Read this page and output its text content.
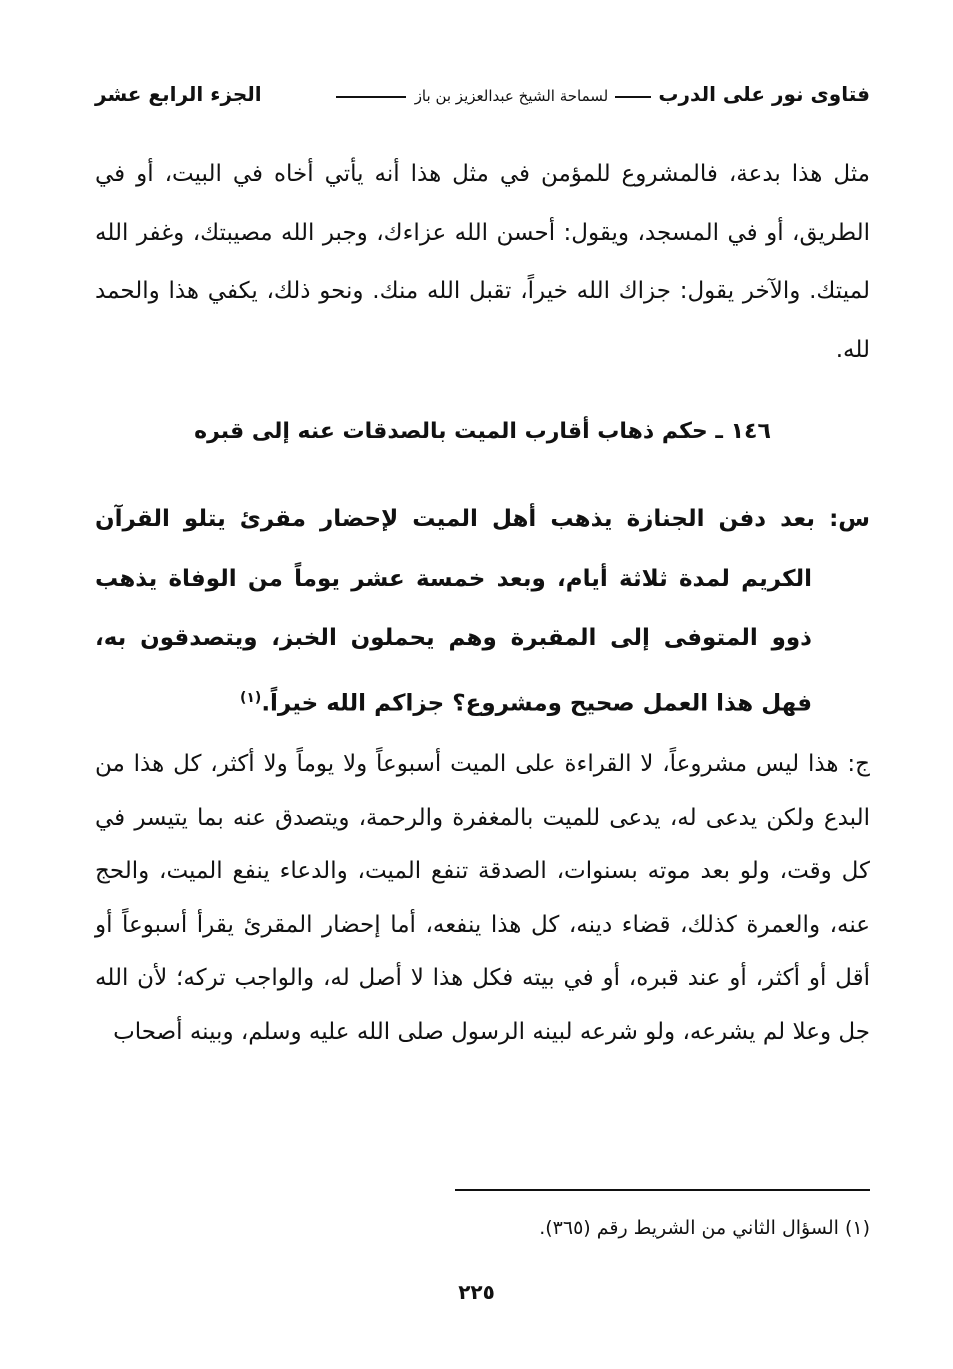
فتاوى نور على الدرب  لسماحة الشيخ عبدالعزيز بن باز
الجزء الرابع عشر
مثل هذا بدعة، فالمشروع للمؤمن في مثل هذا أنه يأتي أخاه في البيت، أو في الطريق، أو في المسجد، ويقول: أحسن الله عزاءك، وجبر الله مصيبتك، وغفر الله لميتك. والآخر يقول: جزاك الله خيراً، تقبل الله منك. ونحو ذلك، يكفي هذا والحمد لله.
١٤٦ ـ حكم ذهاب أقارب الميت بالصدقات عنه إلى قبره
س: بعد دفن الجنازة يذهب أهل الميت لإحضار مقرئ يتلو القرآن الكريم لمدة ثلاثة أيام، وبعد خمسة عشر يوماً من الوفاة يذهب ذوو المتوفى إلى المقبرة وهم يحملون الخبز، ويتصدقون به، فهل هذا العمل صحيح ومشروع؟ جزاكم الله خيراً.$^{(١)}$
ج: هذا ليس مشروعاً، لا القراءة على الميت أسبوعاً ولا يوماً ولا أكثر، كل هذا من البدع ولكن يدعى له، يدعى للميت بالمغفرة والرحمة، ويتصدق عنه بما يتيسر في كل وقت، ولو بعد موته بسنوات، الصدقة تنفع الميت، والدعاء ينفع الميت، والحج عنه، والعمرة كذلك، قضاء دينه، كل هذا ينفعه، أما إحضار المقرئ يقرأ أسبوعاً أو أقل أو أكثر، أو عند قبره، أو في بيته فكل هذا لا أصل له، والواجب تركه؛ لأن الله جل وعلا لم يشرعه، ولو شرعه لبينه الرسول صلى الله عليه وسلم، وبينه أصحاب
(١) السؤال الثاني من الشريط رقم (٣٦٥).
٢٢٥
